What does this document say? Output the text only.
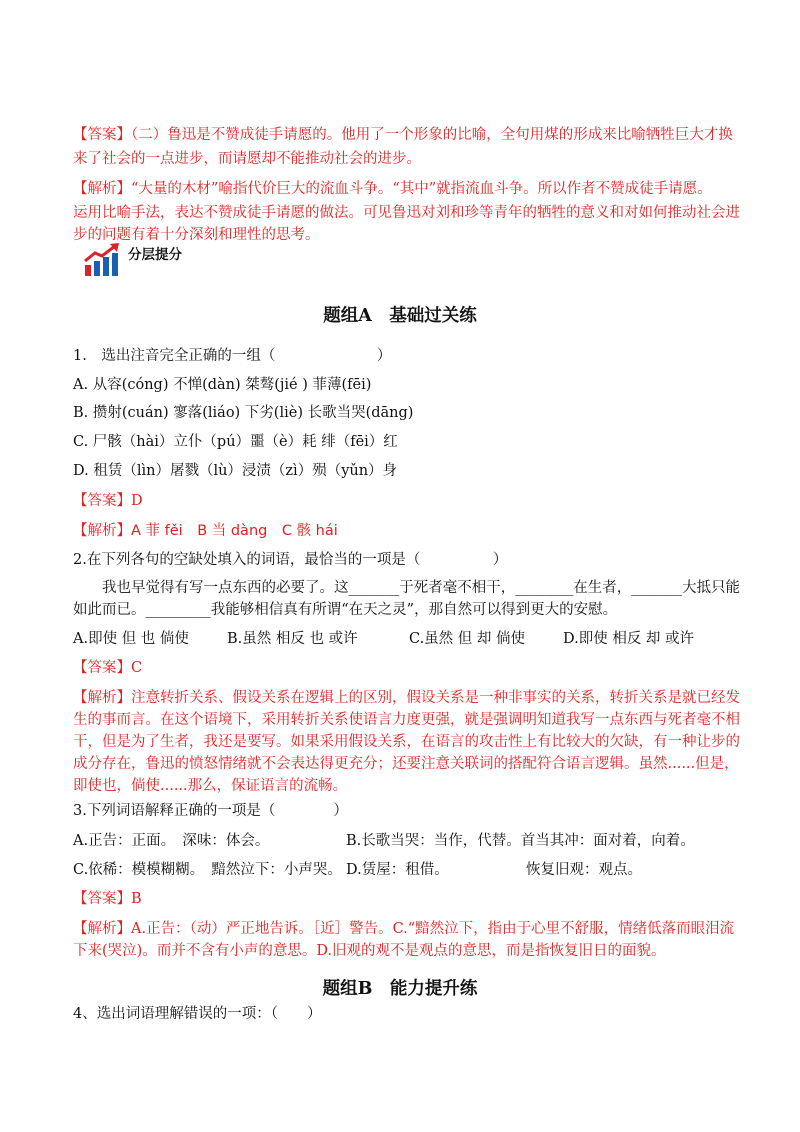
【答案】（二）鲁迅是不赞成徒手请愿的。他用了一个形象的比喻，全句用煤的形成来比喻牺牲巨大才换
来了社会的一点进步，而请愿却不能推动社会的进步。
【解析】“大量的木材”喻指代价巨大的流血斗争。“其中”就指流血斗争。所以作者不赞成徒手请愿。
运用比喻手法，表达不赞成徒手请愿的做法。可见鲁迅对刘和珍等青年的牺牲的意义和对如何推动社会进
步的问题有着十分深刻和理性的思考。
分层提分
题组A　基础过关练
1.　选出注音完全正确的一组（　　　　　　　）
A. 从容(cóng) 不惮(dàn) 桀骜(jié ) 菲薄(fēi)
B. 攒射(cuán) 寥落(liáo) 下劣(liè) 长歌当哭(dāng)
C. 尸骸（hài）立仆（pú）噩（è）耗 绯（fēi）红
D. 租赁（lìn）屠戮（lù）浸渍（zì）殒（yǔn）身
【答案】D
【解析】A 菲 fěi　B 当 dàng　C 骸 hái
2.在下列各句的空缺处填入的词语，最恰当的一项是（　　　　　）
我也早觉得有写一点东西的必要了。这_______于死者毫不相干，________在生者，_______大抵只能
如此而已。_________我能够相信真有所谓“在天之灵”，那自然可以得到更大的安慰。
A.即使 但 也 倘使	B.虽然 相反 也 或许	C.虽然 但 却 倘使	D.即使 相反 却 或许
【答案】C
【解析】注意转折关系、假设关系在逻辑上的区别，假设关系是一种非事实的关系，转折关系是就已经发
生的事而言。在这个语境下，采用转折关系使语言力度更强，就是强调明知道我写一点东西与死者毫不相
干，但是为了生者，我还是要写。如果采用假设关系，在语言的攻击性上有比较大的欠缺，有一种让步的
成分存在，鲁迅的愤怒情绪就不会表达得更充分；还要注意关联词的搭配符合语言逻辑。虽然......但是，
即使也，倘使......那么，保证语言的流畅。
3.下列词语解释正确的一项是（　　　　）
A.正告：正面。　深味：体会。	B.长歌当哭：当作，代替。首当其冲：面对着，向着。
C.依稀：模模糊糊。　黯然泣下：小声哭。 D.赁屋：租借。	恢复旧观：观点。
【答案】B
【解析】A.正告：（动）严正地告诉。［近］警告。C.“黯然泣下，指由于心里不舒服，情绪低落而眼泪流
下来(哭泣)。而并不含有小声的意思。D.旧观的观不是观点的意思，而是指恢复旧日的面貌。
题组B　能力提升练
4、选出词语理解错误的一项：（　　）
